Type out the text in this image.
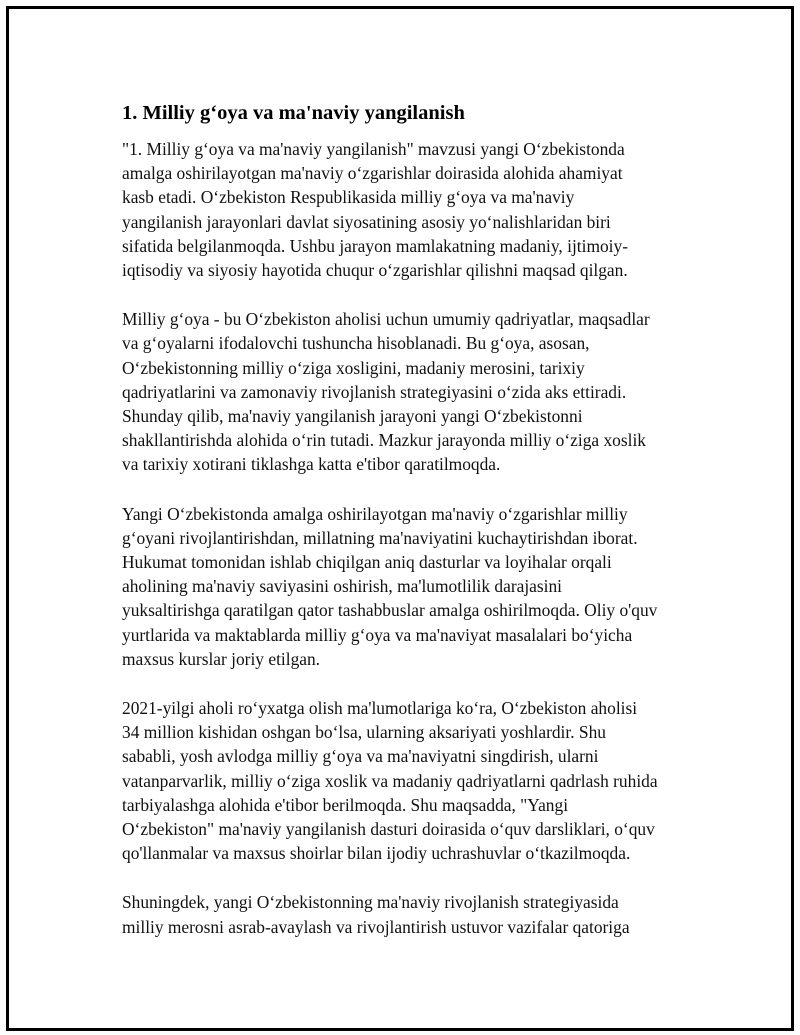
1. Milliy g‘oya va ma'naviy yangilanish

"1. Milliy g‘oya va ma'naviy yangilanish" mavzusi yangi O‘zbekistonda
amalga oshirilayotgan ma'naviy o‘zgarishlar doirasida alohida ahamiyat
kasb etadi. O‘zbekiston Respublikasida milliy g‘oya va ma'naviy
yangilanish jarayonlari davlat siyosatining asosiy yo‘nalishlaridan biri
sifatida belgilanmoqda. Ushbu jarayon mamlakatning madaniy, ijtimoiy-
iqtisodiy va siyosiy hayotida chuqur o‘zgarishlar qilishni maqsad qilgan.

Milliy g‘oya - bu O‘zbekiston aholisi uchun umumiy qadriyatlar, maqsadlar
va g‘oyalarni ifodalovchi tushuncha hisoblanadi. Bu g‘oya, asosan,
O‘zbekistonning milliy o‘ziga xosligini, madaniy merosini, tarixiy
qadriyatlarini va zamonaviy rivojlanish strategiyasini o‘zida aks ettiradi.
Shunday qilib, ma'naviy yangilanish jarayoni yangi O‘zbekistonni
shakllantirishda alohida o‘rin tutadi. Mazkur jarayonda milliy o‘ziga xoslik
va tarixiy xotirani tiklashga katta e'tibor qaratilmoqda.

Yangi O‘zbekistonda amalga oshirilayotgan ma'naviy o‘zgarishlar milliy
g‘oyani rivojlantirishdan, millatning ma'naviyatini kuchaytirishdan iborat.
Hukumat tomonidan ishlab chiqilgan aniq dasturlar va loyihalar orqali
aholining ma'naviy saviyasini oshirish, ma'lumotlilik darajasini
yuksaltirishga qaratilgan qator tashabbuslar amalga oshirilmoqda. Oliy o'quv
yurtlarida va maktablarda milliy g‘oya va ma'naviyat masalalari bo‘yicha
maxsus kurslar joriy etilgan.

2021-yilgi aholi ro‘yxatga olish ma'lumotlariga ko‘ra, O‘zbekiston aholisi
34 million kishidan oshgan bo‘lsa, ularning aksariyati yoshlardir. Shu
sababli, yosh avlodga milliy g‘oya va ma'naviyatni singdirish, ularni
vatanparvarlik, milliy o‘ziga xoslik va madaniy qadriyatlarni qadrlash ruhida
tarbiyalashga alohida e'tibor berilmoqda. Shu maqsadda, "Yangi
O‘zbekiston" ma'naviy yangilanish dasturi doirasida o‘quv darsliklari, o‘quv
qo'llanmalar va maxsus shoirlar bilan ijodiy uchrashuvlar o‘tkazilmoqda.

Shuningdek, yangi O‘zbekistonning ma'naviy rivojlanish strategiyasida
milliy merosni asrab-avaylash va rivojlantirish ustuvor vazifalar qatoriga
